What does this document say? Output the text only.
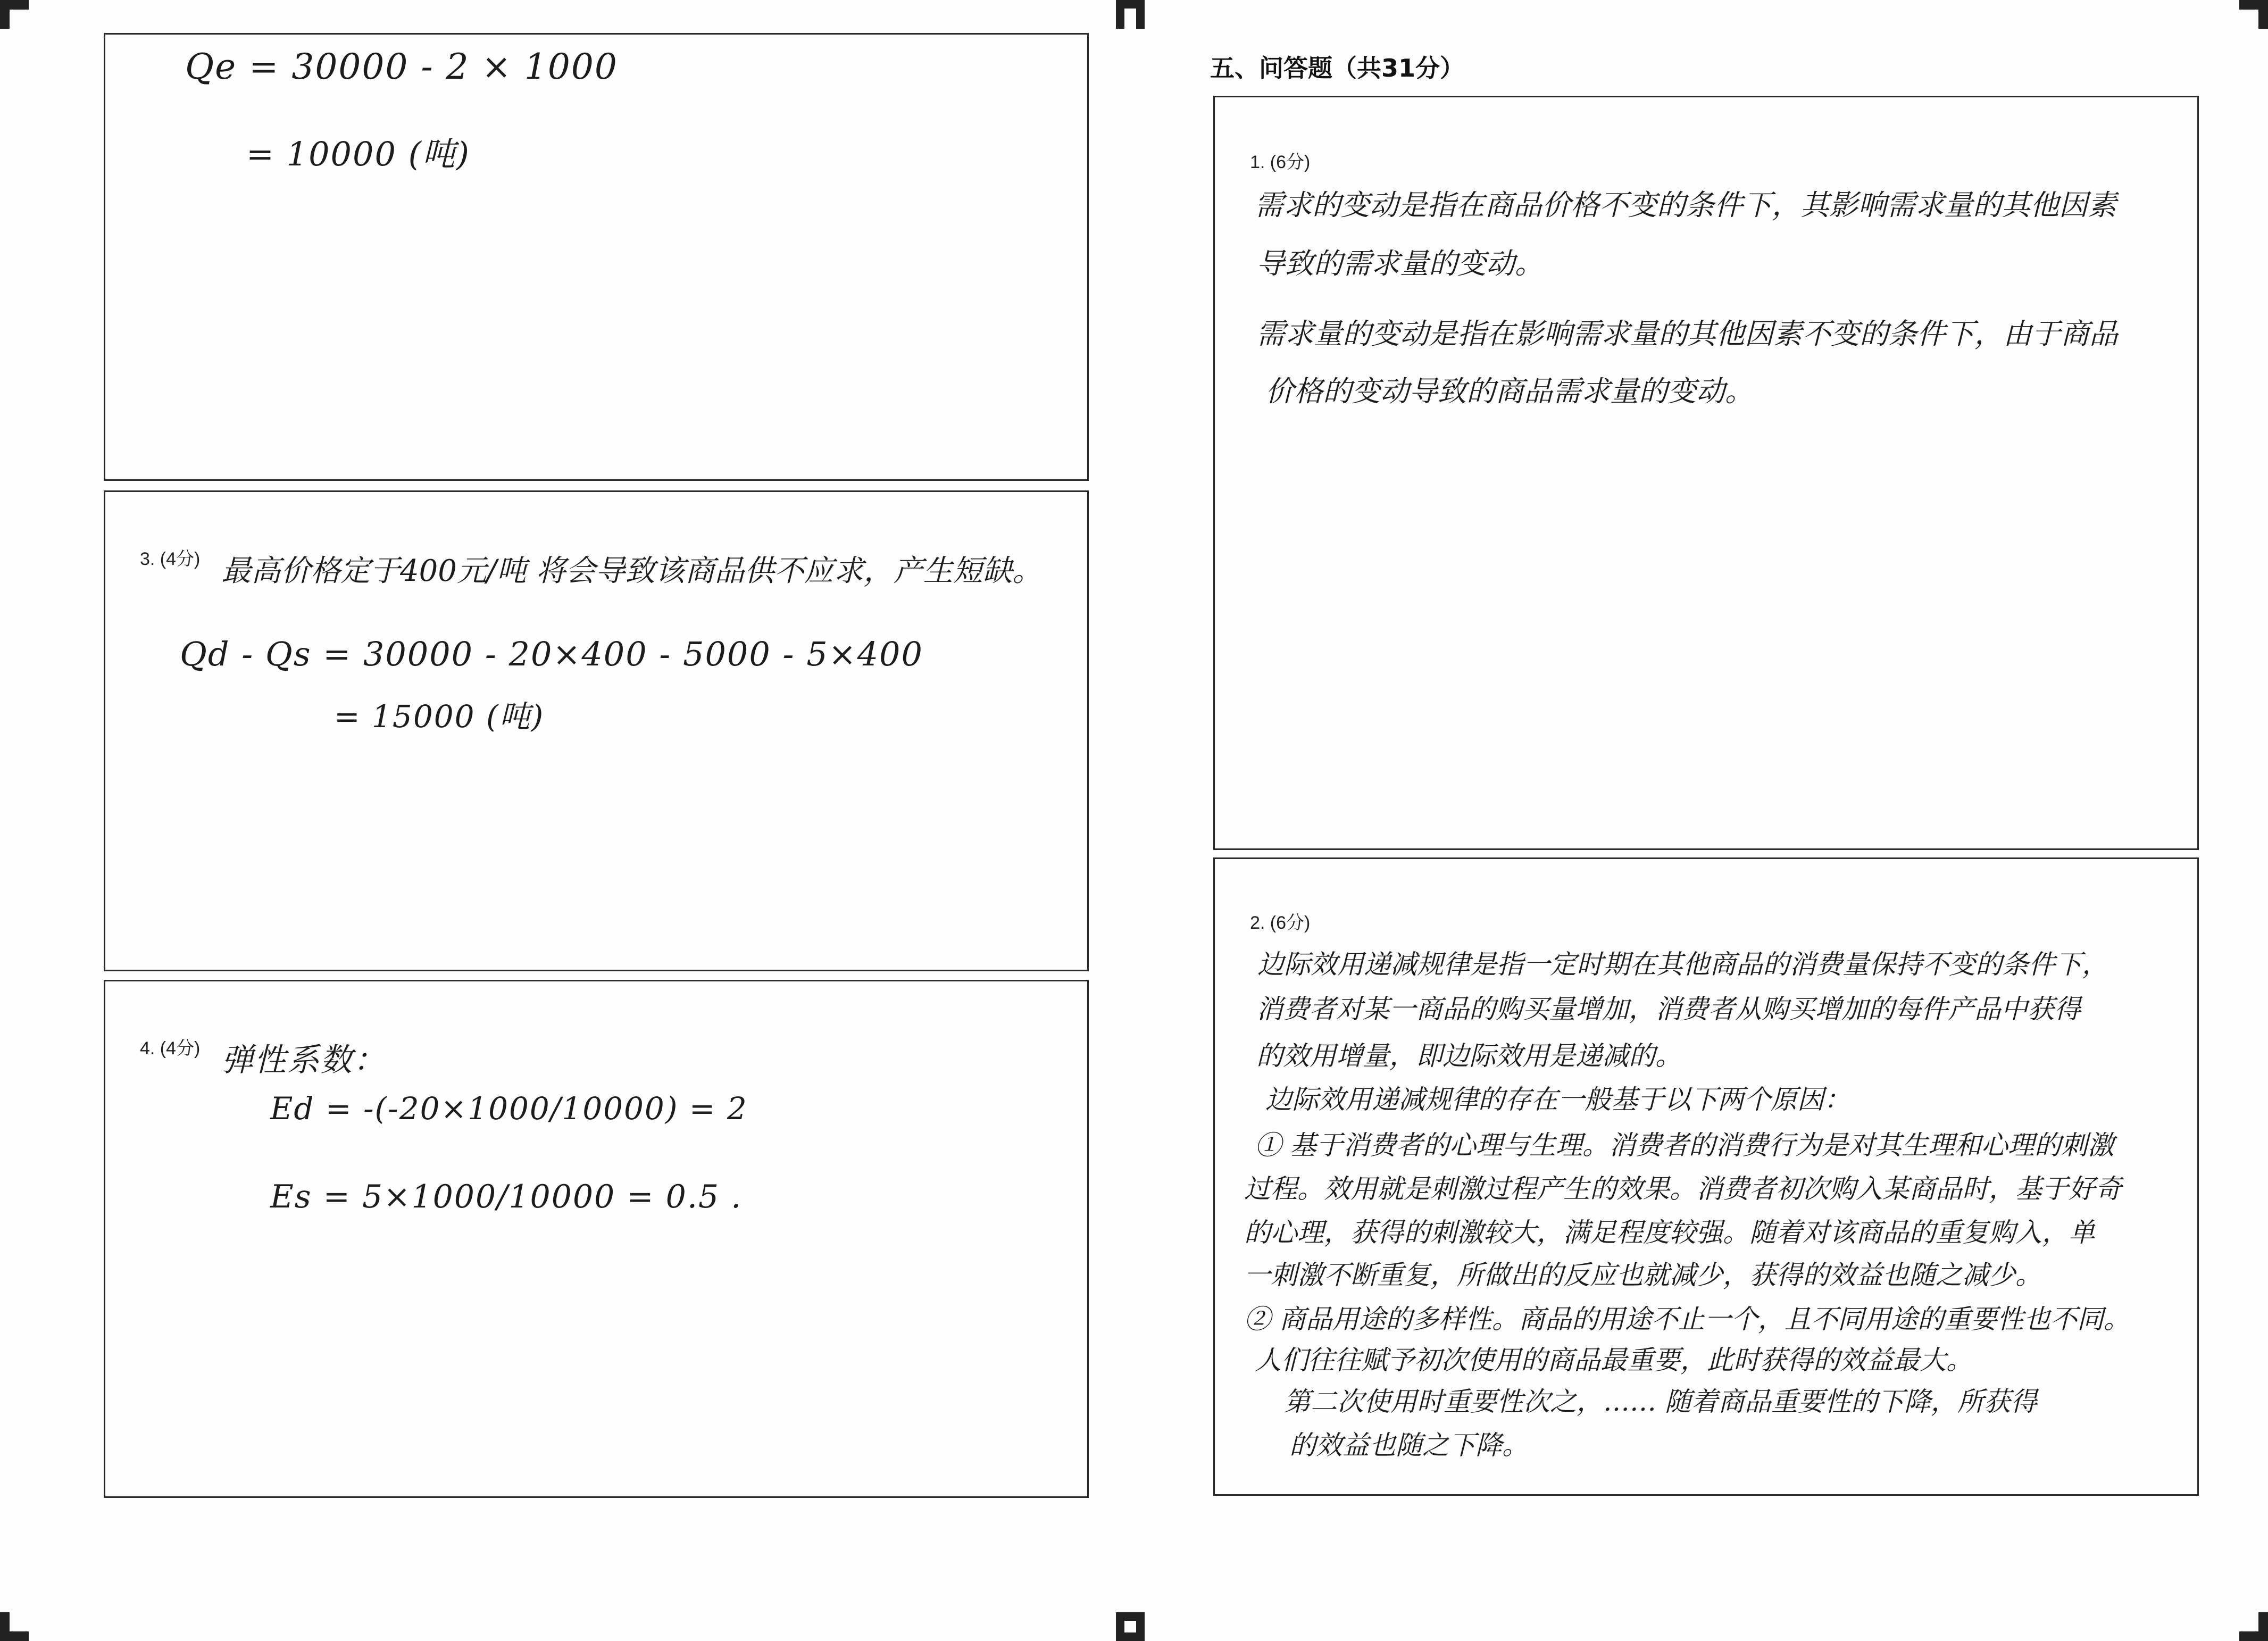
Qe = 30000 - 2 × 1000
= 10000 (吨)
3. (4分) 最高价格定于400元/吨 将会导致该商品供不应求，产生短缺。
Qd - Qs = 30000 - 20×400 - 5000 - 5×400
= 15000 (吨)
4. (4分) 弹性系数：
Ed = -(-20×1000/10000) = 2
Es = 5×1000/10000 = 0.5 .
五、问答题（共31分）
1. (6分)
需求的变动是指在商品价格不变的条件下，其影响需求量的其他因素
导致的需求量的变动。
需求量的变动是指在影响需求量的其他因素不变的条件下，由于商品
价格的变动导致的商品需求量的变动。
2. (6分)
边际效用递减规律是指一定时期在其他商品的消费量保持不变的条件下，
消费者对某一商品的购买量增加，消费者从购买增加的每件产品中获得
的效用增量，即边际效用是递减的。
边际效用递减规律的存在一般基于以下两个原因：
① 基于消费者的心理与生理。消费者的消费行为是对其生理和心理的刺激
过程。效用就是刺激过程产生的效果。消费者初次购入某商品时，基于好奇
的心理，获得的刺激较大，满足程度较强。随着对该商品的重复购入，单
一刺激不断重复，所做出的反应也就减少，获得的效益也随之减少。
② 商品用途的多样性。商品的用途不止一个，且不同用途的重要性也不同。
人们往往赋予初次使用的商品最重要，此时获得的效益最大。
第二次使用时重要性次之，…… 随着商品重要性的下降，所获得
的效益也随之下降。
